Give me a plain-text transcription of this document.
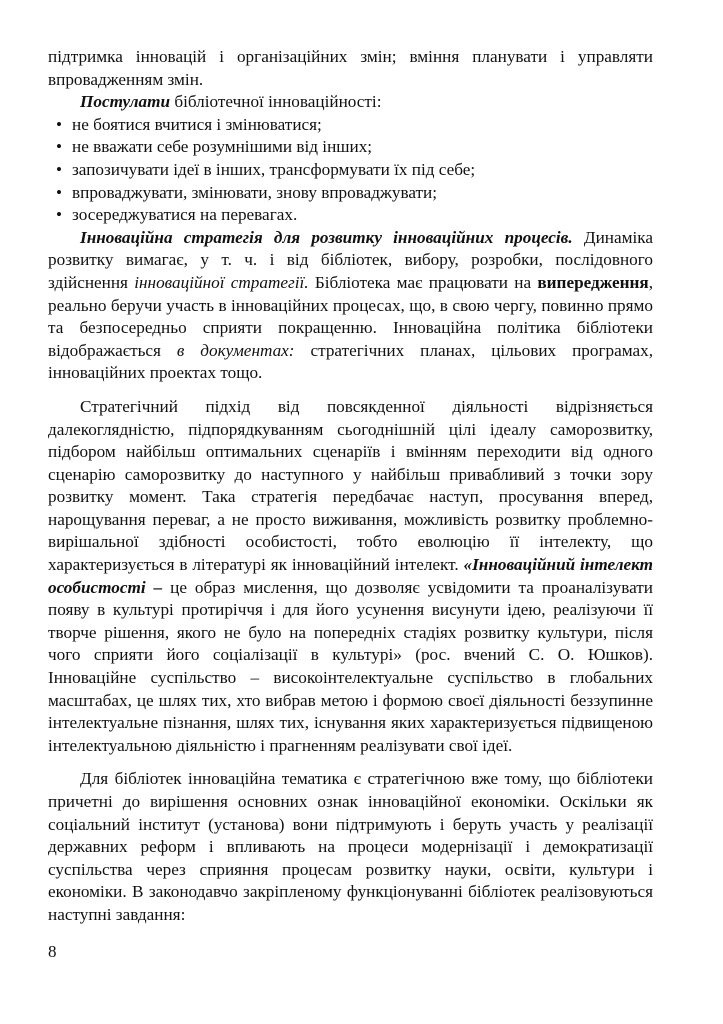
підтримка інновацій і організаційних змін; вміння планувати і управляти впровадженням змін.

Постулати бібліотечної інноваційності:

• не боятися вчитися і змінюватися;
• не вважати себе розумнішими від інших;
• запозичувати ідеї в інших, трансформувати їх під себе;
• впроваджувати, змінювати, знову впроваджувати;
• зосереджуватися на перевагах.

Інноваційна стратегія для розвитку інноваційних процесів. Динаміка розвитку вимагає, у т. ч. і від бібліотек, вибору, розробки, послідовного здійснення інноваційної стратегії. Бібліотека має працювати на випередження, реально беручи участь в інноваційних процесах, що, в свою чергу, повинно прямо та безпосередньо сприяти покращенню. Інноваційна політика бібліотеки відображається в документах: стратегічних планах, цільових програмах, інноваційних проектах тощо.

Стратегічний підхід від повсякденної діяльності відрізняється далекоглядністю, підпорядкуванням сьогоднішній цілі ідеалу саморозвитку, підбором найбільш оптимальних сценаріїв і вмінням переходити від одного сценарію саморозвитку до наступного у найбільш привабливий з точки зору розвитку момент. Така стратегія передбачає наступ, просування вперед, нарощування переваг, а не просто виживання, можливість розвитку проблемно-вирішальної здібності особистості, тобто еволюцію її інтелекту, що характеризується в літературі як інноваційний інтелект. «Інноваційний інтелект особистості – це образ мислення, що дозволяє усвідомити та проаналізувати появу в культурі протиріччя і для його усунення висунути ідею, реалізуючи її творче рішення, якого не було на попередніх стадіях розвитку культури, після чого сприяти його соціалізації в культурі» (рос. вчений С. О. Юшков). Інноваційне суспільство – високоінтелектуальне суспільство в глобальних масштабах, це шлях тих, хто вибрав метою і формою своєї діяльності беззупинне інтелектуальне пізнання, шлях тих, існування яких характеризується підвищеною інтелектуальною діяльністю і прагненням реалізувати свої ідеї.

Для бібліотек інноваційна тематика є стратегічною вже тому, що бібліотеки причетні до вирішення основних ознак інноваційної економіки. Оскільки як соціальний інститут (установа) вони підтримують і беруть участь у реалізації державних реформ і впливають на процеси модернізації і демократизації суспільства через сприяння процесам розвитку науки, освіти, культури і економіки. В законодавчо закріпленому функціонуванні бібліотек реалізовуються наступні завдання:

8
